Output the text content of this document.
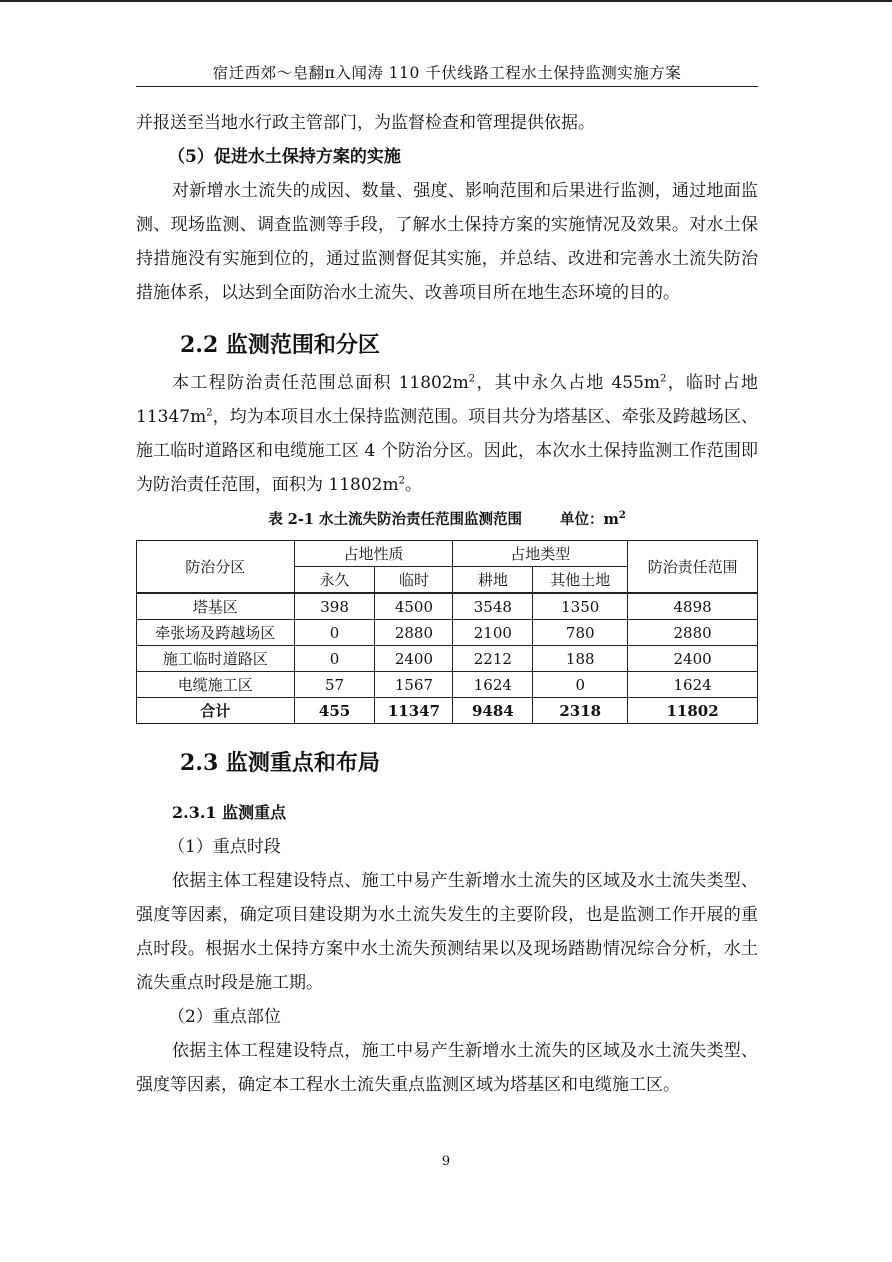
宿迁西郊～皂翻π入闻涛 110 千伏线路工程水土保持监测实施方案

并报送至当地水行政主管部门，为监督检查和管理提供依据。

（5）促进水土保持方案的实施

对新增水土流失的成因、数量、强度、影响范围和后果进行监测，通过地面监测、现场监测、调查监测等手段，了解水土保持方案的实施情况及效果。对水土保持措施没有实施到位的，通过监测督促其实施，并总结、改进和完善水土流失防治措施体系，以达到全面防治水土流失、改善项目所在地生态环境的目的。

2.2 监测范围和分区

本工程防治责任范围总面积 $11802m^2$，其中永久占地 $455m^2$，临时占地 $11347m^2$，均为本项目水土保持监测范围。项目共分为塔基区、牵张及跨越场区、施工临时道路区和电缆施工区 4 个防治分区。因此，本次水土保持监测工作范围即为防治责任范围，面积为 $11802m^2$。

表 2-1 水土流失防治责任范围监测范围	单位：$m^2$
防治分区	占地性质		占地类型		防治责任范围
	永久	临时	耕地	其他土地	
塔基区	398	4500	3548	1350	4898
牵张场及跨越场区	0	2880	2100	780	2880
施工临时道路区	0	2400	2212	188	2400
电缆施工区	57	1567	1624	0	1624
合计	455	11347	9484	2318	11802

2.3 监测重点和布局

2.3.1 监测重点

（1）重点时段

依据主体工程建设特点、施工中易产生新增水土流失的区域及水土流失类型、强度等因素，确定项目建设期为水土流失发生的主要阶段，也是监测工作开展的重点时段。根据水土保持方案中水土流失预测结果以及现场踏勘情况综合分析，水土流失重点时段是施工期。

（2）重点部位

依据主体工程建设特点，施工中易产生新增水土流失的区域及水土流失类型、强度等因素，确定本工程水土流失重点监测区域为塔基区和电缆施工区。

9
